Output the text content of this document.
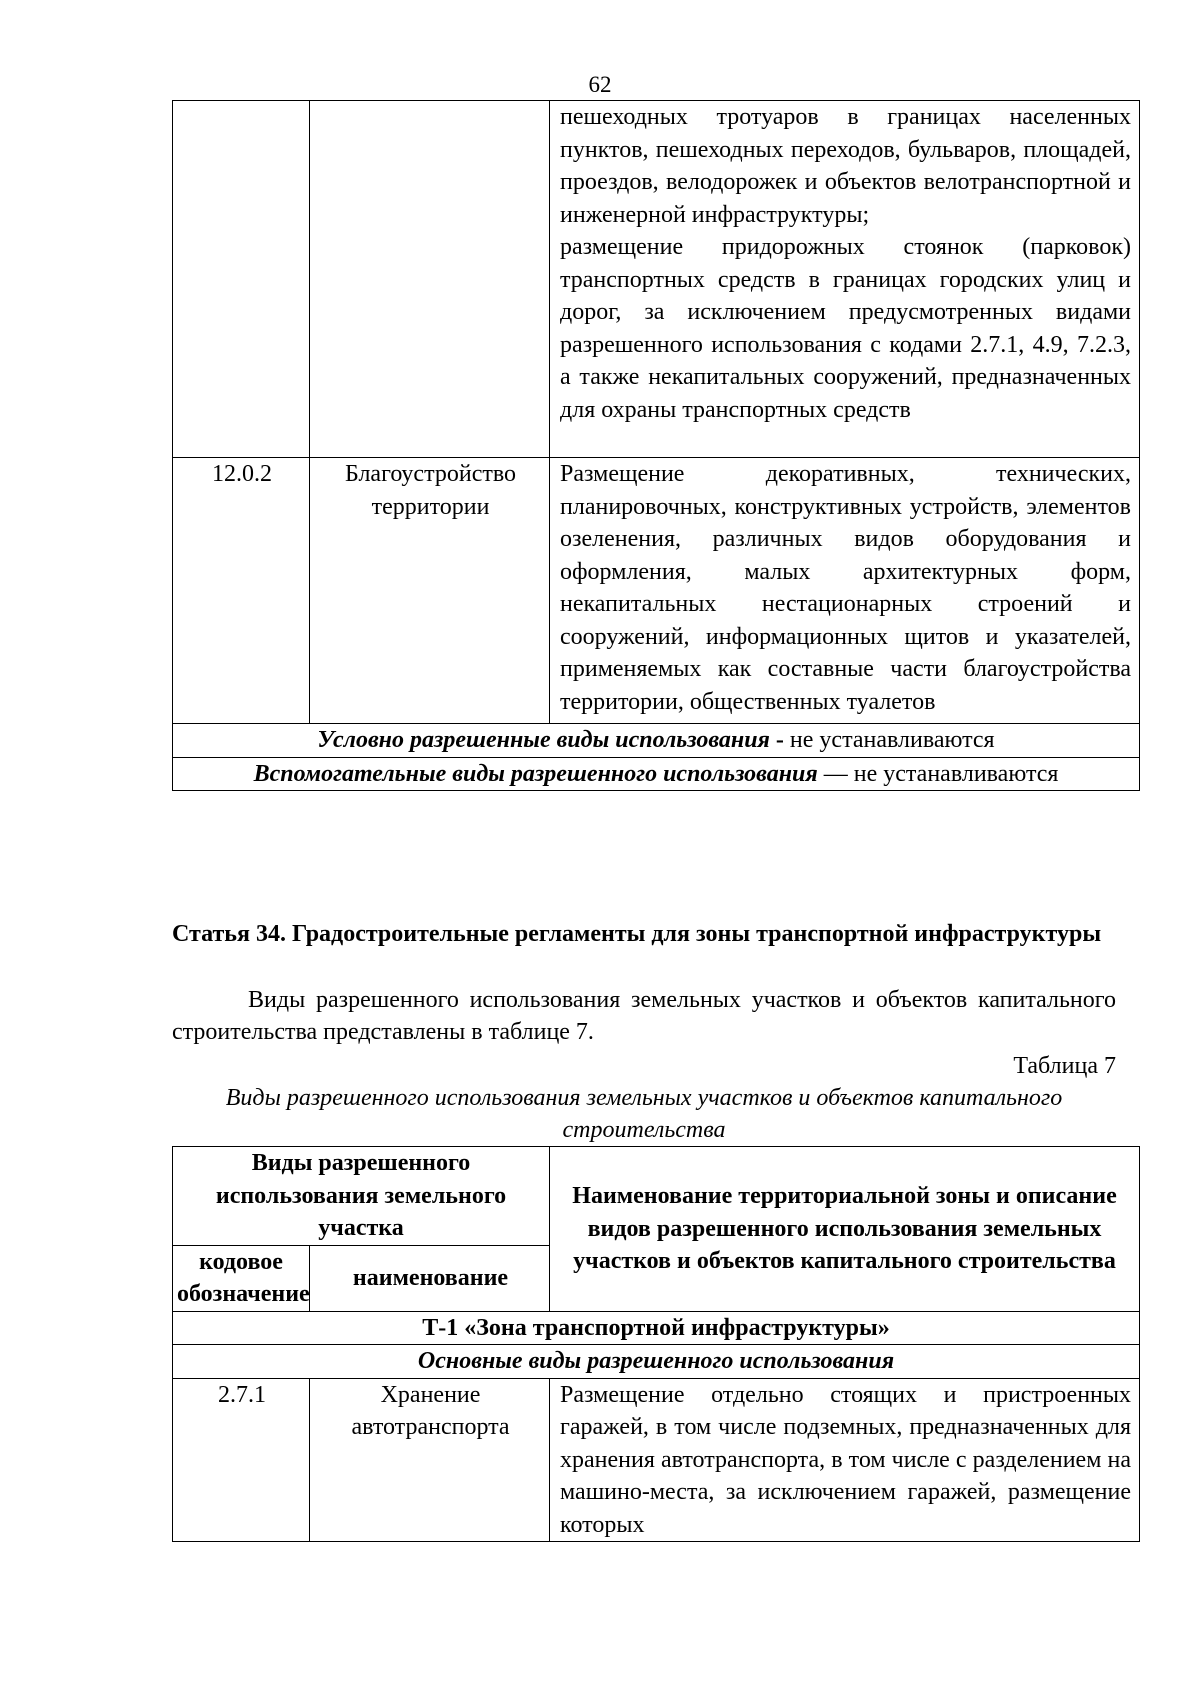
62
		пешеходных тротуаров в границах населенных пунктов, пешеходных переходов, бульваров, площадей, проездов, велодорожек и объектов велотранспортной и инженерной инфраструктуры;
размещение придорожных стоянок (парковок) транспортных средств в границах городских улиц и дорог, за исключением предусмотренных видами разрешенного использования с кодами 2.7.1, 4.9, 7.2.3, а также некапитальных сооружений, предназначенных для охраны транспортных средств
12.0.2	Благоустройство территории	Размещение декоративных, технических, планировочных, конструктивных устройств, элементов озеленения, различных видов оборудования и оформления, малых архитектурных форм, некапитальных нестационарных строений и сооружений, информационных щитов и указателей, применяемых как составные части благоустройства территории, общественных туалетов
Условно разрешенные виды использования - не устанавливаются		
Вспомогательные виды разрешенного использования — не устанавливаются		

Статья 34. Градостроительные регламенты для зоны транспортной инфраструктуры

Виды разрешенного использования земельных участков и объектов капитального строительства представлены в таблице 7.

Таблица 7

Виды разрешенного использования земельных участков и объектов капитального строительства

Виды разрешенного использования земельного участка		Наименование территориальной зоны и описание видов разрешенного использования земельных участков и объектов капитального строительства
кодовое обозначение	наименование	
Т-1 «Зона транспортной инфраструктуры»		
Основные виды разрешенного использования		
2.7.1	Хранение автотранспорта	Размещение отдельно стоящих и пристроенных гаражей, в том числе подземных, предназначенных для хранения автотранспорта, в том числе с разделением на машино-места, за исключением гаражей, размещение которых
